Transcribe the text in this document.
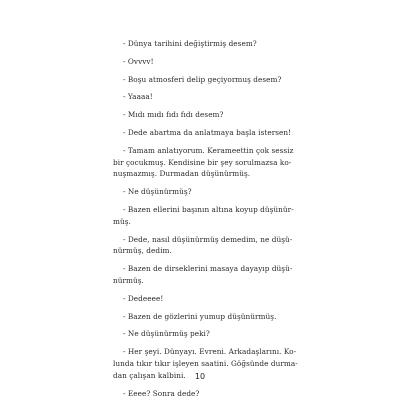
- Dünya tarihini değiştirmiş desem?

- Ovvvv!

- Boşu atmosferi delip geçiyormuş desem?

- Yaaaa!

- Mıdı mıdı fıdı fıdı desem?

- Dede abartma da anlatmaya başla istersen!

- Tamam anlatıyorum. Kerameettin çok sessiz
bir çocukmuş. Kendisine bir şey sorulmazsa ko-
nuşmazmış. Durmadan düşünürmüş.

- Ne düşünürmüş?

- Bazen ellerini başının altına koyup düşünür-
müş.

- Dede, nasıl düşünürmüş demedim, ne düşü-
nürmüş, dedim.

- Bazen de dirseklerini masaya dayayıp düşü-
nürmüş.

- Dedeeee!

- Bazen de gözlerini yumup düşünürmüş.

- Ne düşünürmüş peki?

- Her şeyi. Dünyayı. Evreni. Arkadaşlarını. Ko-
lunda tıkır tıkır işleyen saatini. Göğsünde durma-
dan çalışan kalbini.

- Eeee? Sonra dede?

10
